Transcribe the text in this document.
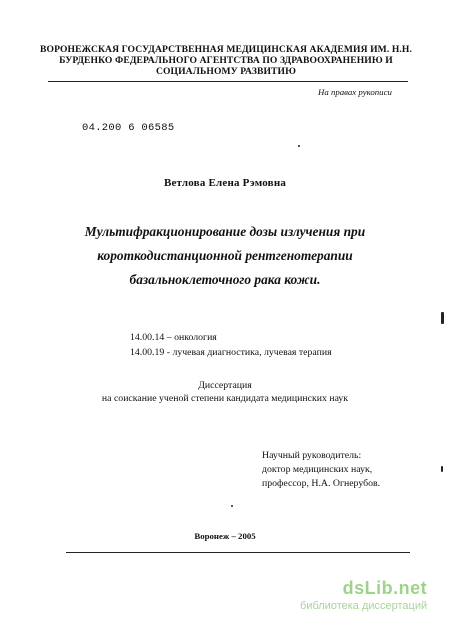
ВОРОНЕЖСКАЯ ГОСУДАРСТВЕННАЯ МЕДИЦИНСКАЯ АКАДЕМИЯ ИМ. Н.Н.
БУРДЕНКО ФЕДЕРАЛЬНОГО АГЕНТСТВА ПО ЗДРАВООХРАНЕНИЮ И
СОЦИАЛЬНОМУ РАЗВИТИЮ
На правах рукописи
04.200 6 06585
Ветлова Елена Рэмовна
Мультифракционирование дозы излучения при
короткодистанционной рентгенотерапии
базальноклеточного рака кожи.
14.00.14 – онкология
14.00.19 - лучевая диагностика, лучевая терапия
Диссертация
на соискание ученой степени кандидата медицинских наук
Научный руководитель:
доктор медицинских наук,
профессор, Н.А. Огнерубов.
Воронеж – 2005
dsLib.net
библиотека диссертаций
